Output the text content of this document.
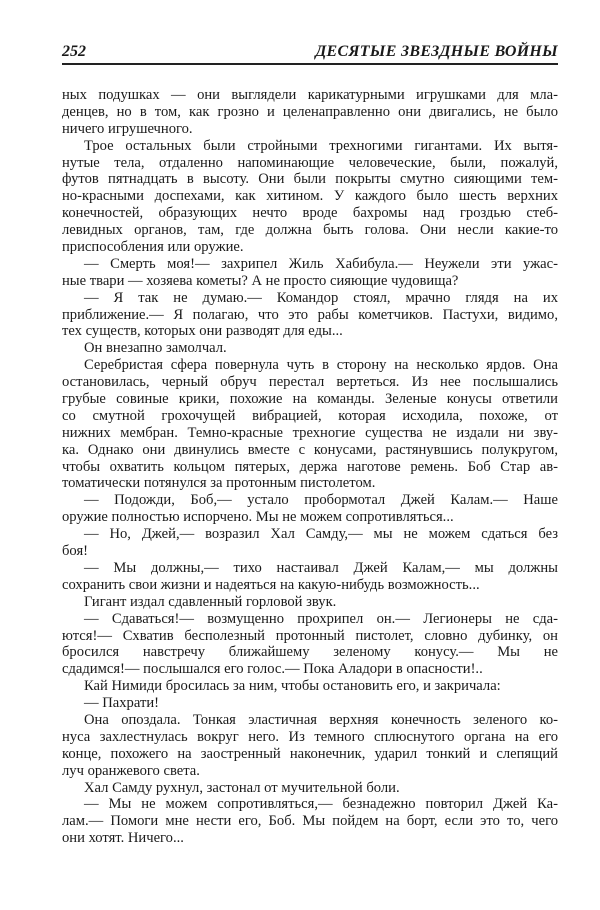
252	ДЕСЯТЫЕ ЗВЕЗДНЫЕ ВОЙНЫ
ных подушках — они выглядели карикатурными игрушками для мла-
денцев, но в том, как грозно и целенаправленно они двигались, не было
ничего игрушечного.
Трое остальных были стройными трехногими гигантами. Их вытя-
нутые тела, отдаленно напоминающие человеческие, были, пожалуй,
футов пятнадцать в высоту. Они были покрыты смутно сияющими тем-
но-красными доспехами, как хитином. У каждого было шесть верхних
конечностей, образующих нечто вроде бахромы над гроздью стеб-
левидных органов, там, где должна быть голова. Они несли какие-то
приспособления или оружие.
— Смерть моя!— захрипел Жиль Хабибула.— Неужели эти ужас-
ные твари — хозяева кометы? А не просто сияющие чудовища?
— Я так не думаю.— Командор стоял, мрачно глядя на их
приближение.— Я полагаю, что это рабы кометчиков. Пастухи, видимо,
тех существ, которых они разводят для еды...
Он внезапно замолчал.
Серебристая сфера повернула чуть в сторону на несколько ярдов. Она
остановилась, черный обруч перестал вертеться. Из нее послышались
грубые совиные крики, похожие на команды. Зеленые конусы ответили
со смутной грохочущей вибрацией, которая исходила, похоже, от
нижних мембран. Темно-красные трехногие существа не издали ни зву-
ка. Однако они двинулись вместе с конусами, растянувшись полукругом,
чтобы охватить кольцом пятерых, держа наготове ремень. Боб Стар ав-
томатически потянулся за протонным пистолетом.
— Подожди, Боб,— устало пробормотал Джей Калам.— Наше
оружие полностью испорчено. Мы не можем сопротивляться...
— Но, Джей,— возразил Хал Самду,— мы не можем сдаться без
боя!
— Мы должны,— тихо настаивал Джей Калам,— мы должны
сохранить свои жизни и надеяться на какую-нибудь возможность...
Гигант издал сдавленный горловой звук.
— Сдаваться!— возмущенно прохрипел он.— Легионеры не сда-
ются!— Схватив бесполезный протонный пистолет, словно дубинку, он
бросился навстречу ближайшему зеленому конусу.— Мы не
сдадимся!— послышался его голос.— Пока Аладори в опасности!..
Кай Нимиди бросилась за ним, чтобы остановить его, и закричала:
— Пахрати!
Она опоздала. Тонкая эластичная верхняя конечность зеленого ко-
нуса захлестнулась вокруг него. Из темного сплюснутого органа на его
конце, похожего на заостренный наконечник, ударил тонкий и слепящий
луч оранжевого света.
Хал Самду рухнул, застонал от мучительной боли.
— Мы не можем сопротивляться,— безнадежно повторил Джей Ка-
лам.— Помоги мне нести его, Боб. Мы пойдем на борт, если это то, чего
они хотят. Ничего...
